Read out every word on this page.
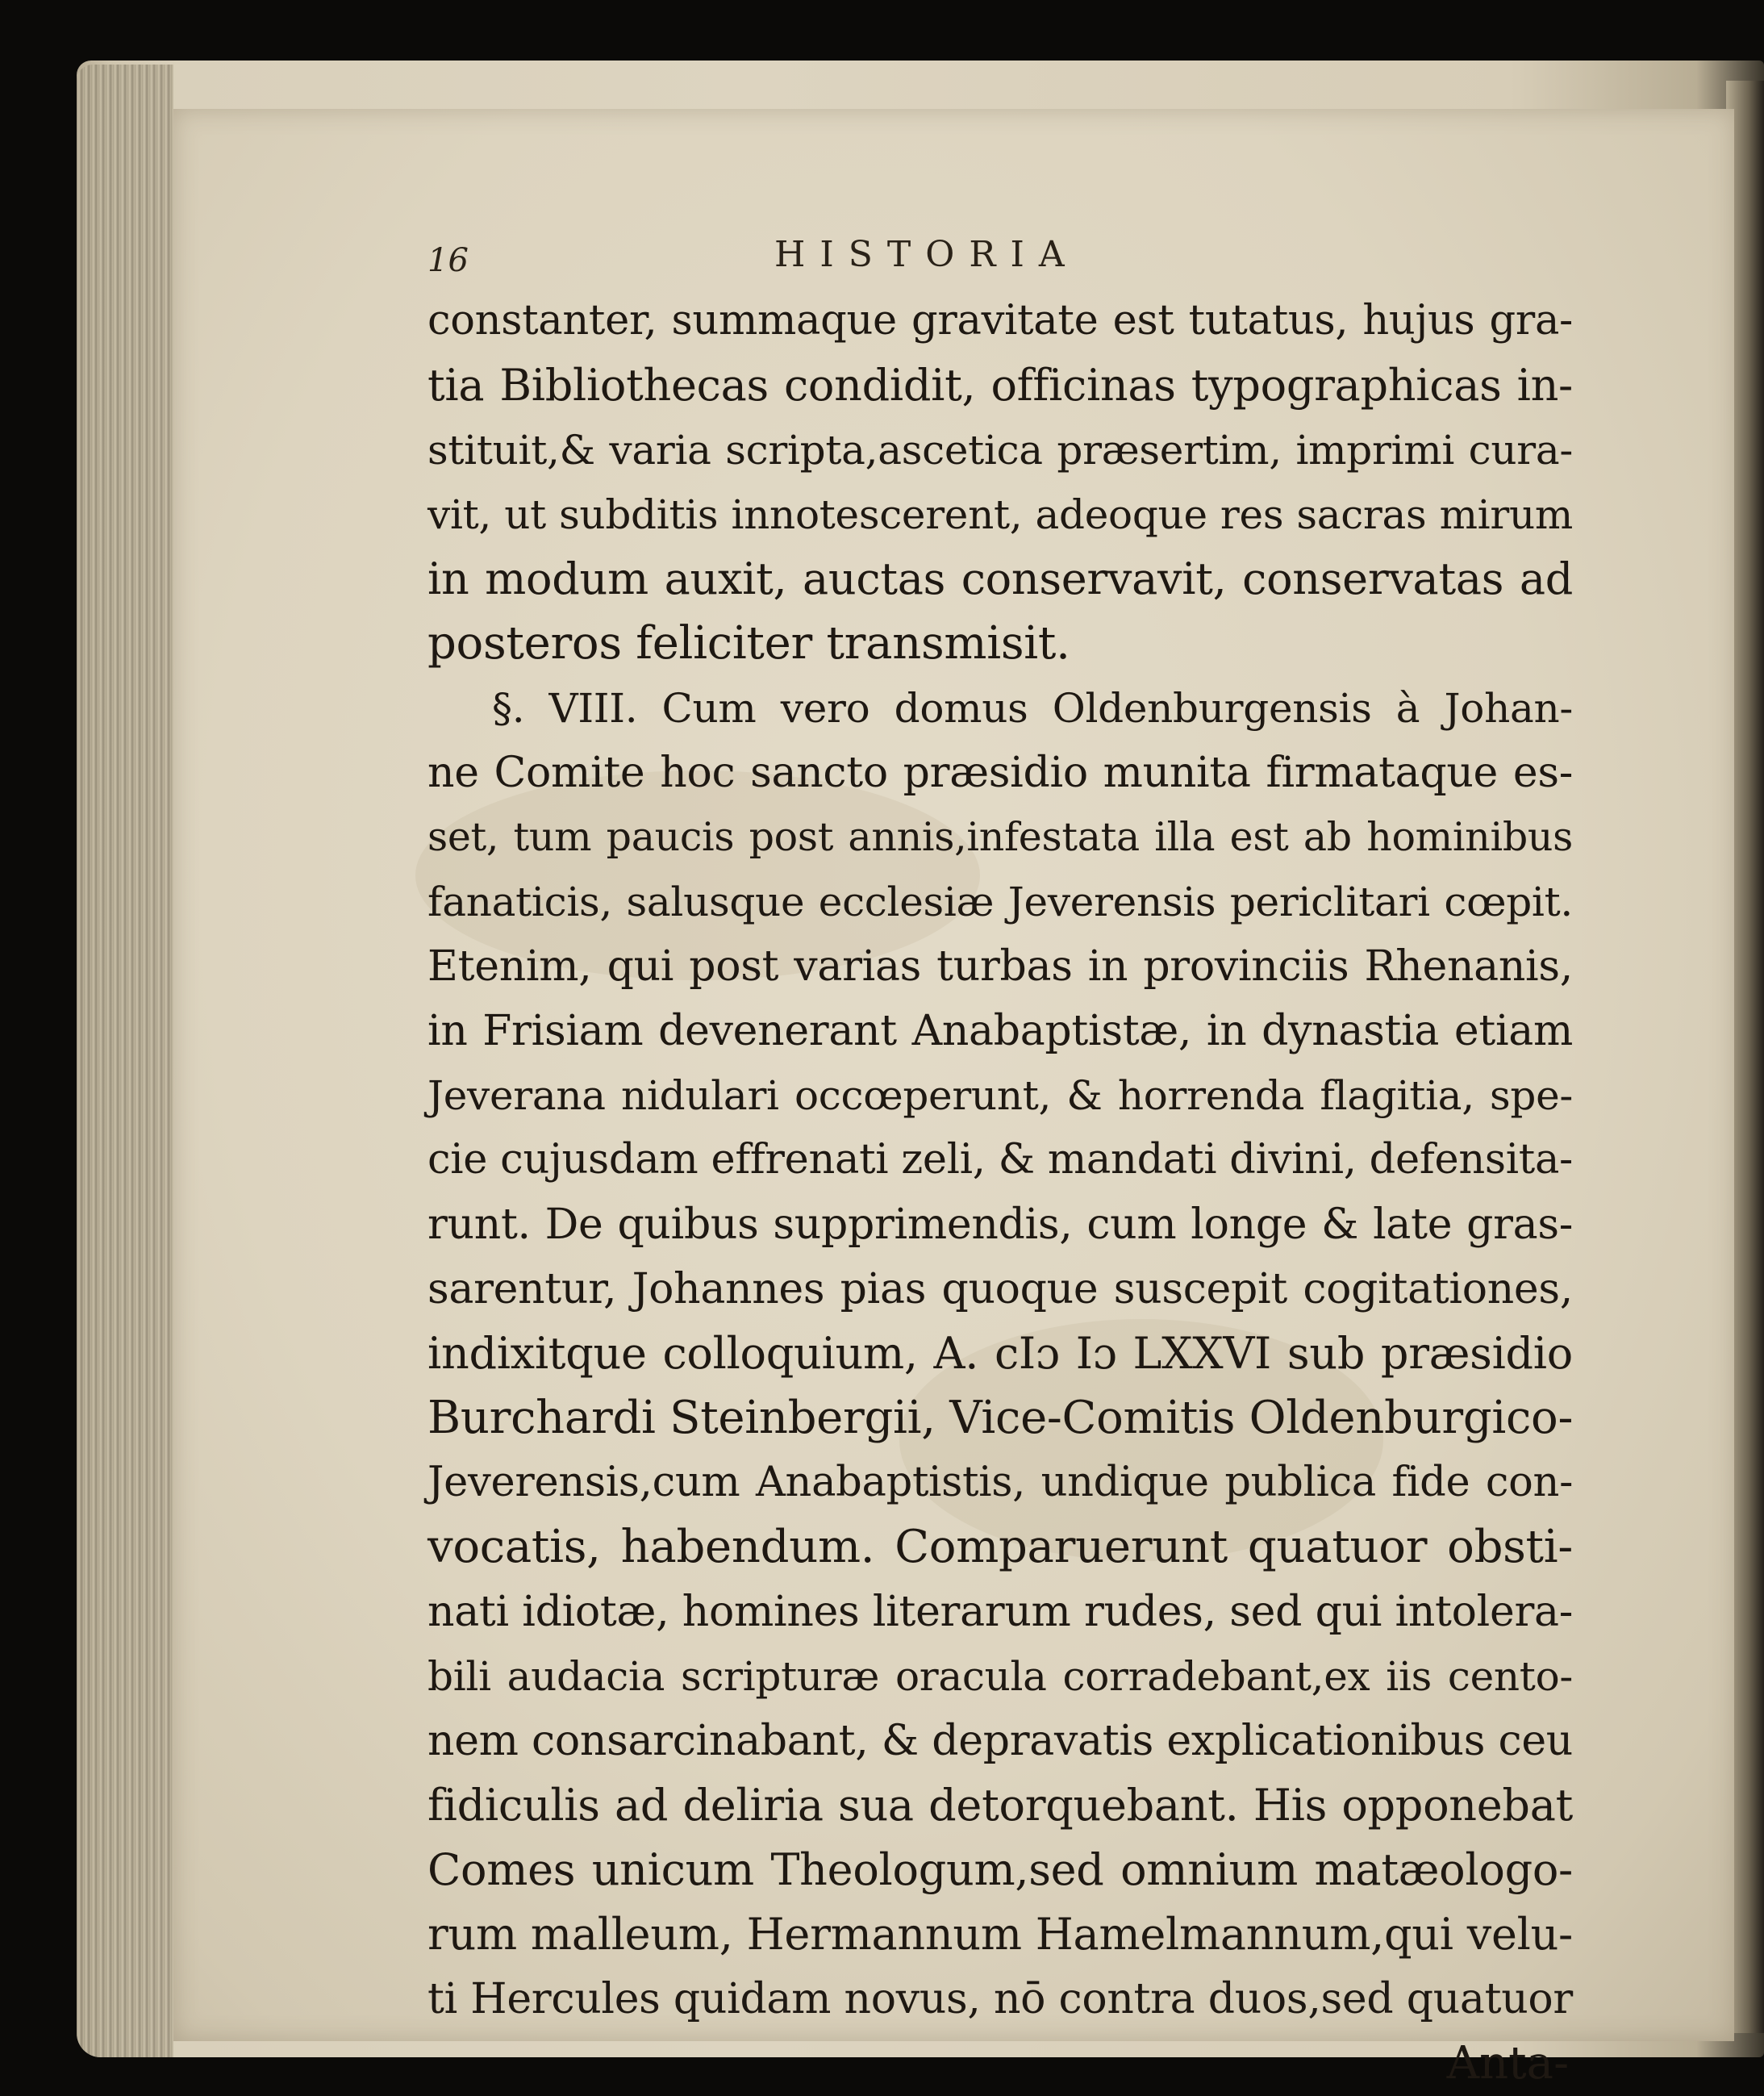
16	HISTORIA
constanter, summaque gravitate est tutatus, hujus gra-
tia Bibliothecas condidit, officinas typographicas in-
stituit,& varia scripta,ascetica præsertim, imprimi cura-
vit, ut subditis innotescerent, adeoque res sacras mirum
in modum auxit, auctas conservavit, conservatas ad
posteros feliciter transmisit.
§. VIII. Cum vero domus Oldenburgensis à Johan-
ne Comite hoc sancto præsidio munita firmataque es-
set, tum paucis post annis,infestata illa est ab hominibus
fanaticis, salusque ecclesiæ Jeverensis periclitari cœpit.
Etenim, qui post varias turbas in provinciis Rhenanis,
in Frisiam devenerant Anabaptistæ, in dynastia etiam
Jeverana nidulari occœperunt, & horrenda flagitia, spe-
cie cujusdam effrenati zeli, & mandati divini, defensita-
runt. De quibus supprimendis, cum longe & late gras-
sarentur, Johannes pias quoque suscepit cogitationes,
indixitque colloquium, A. cIɔ Iɔ LXXVI sub præsidio
Burchardi Steinbergii, Vice-Comitis Oldenburgico-
Jeverensis,cum Anabaptistis, undique publica fide con-
vocatis, habendum. Comparuerunt quatuor obsti-
nati idiotæ, homines literarum rudes, sed qui intolera-
bili audacia scripturæ oracula corradebant,ex iis cento-
nem consarcinabant, & depravatis explicationibus ceu
fidiculis ad deliria sua detorquebant. His opponebat
Comes unicum Theologum,sed omnium matæologo-
rum malleum, Hermannum Hamelmannum,qui velu-
ti Hercules quidam novus, nō contra duos,sed quatuor
Anta-
